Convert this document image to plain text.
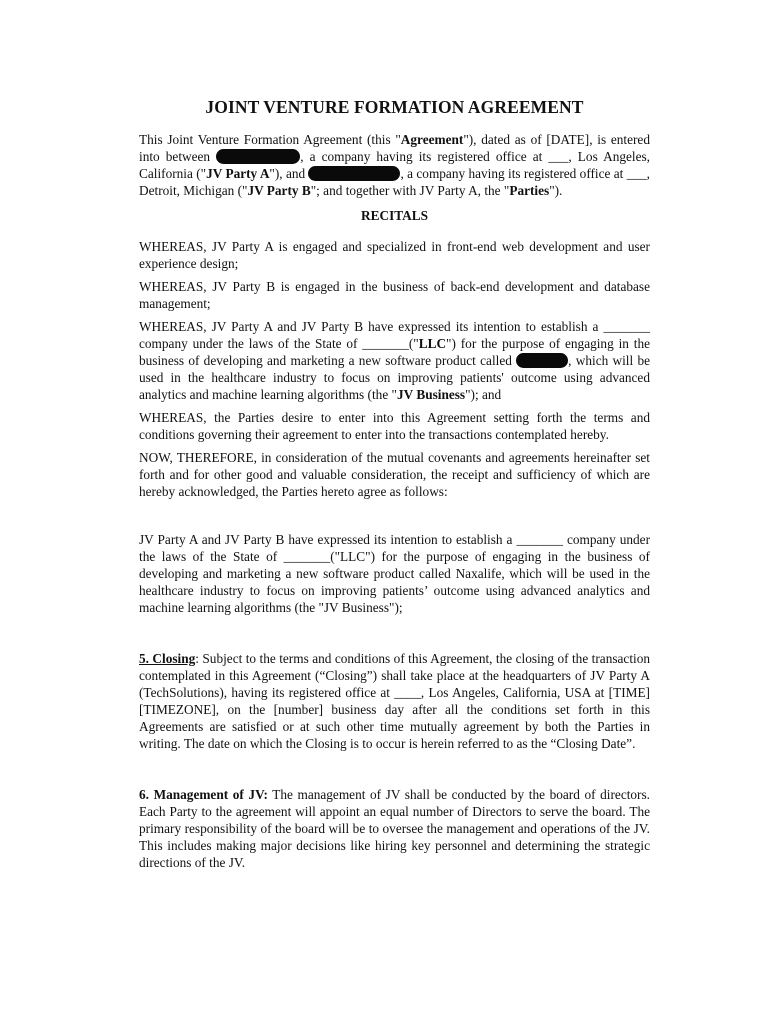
JOINT VENTURE FORMATION AGREEMENT

This Joint Venture Formation Agreement (this "Agreement"), dated as of [DATE], is entered into between	, a company having its registered office at ___, Los Angeles, California ("JV Party A"), and	, a company having its registered office at ___, Detroit, Michigan ("JV Party B"; and together with JV Party A, the "Parties").

RECITALS

WHEREAS, JV Party A is engaged and specialized in front-end web development and user experience design;

WHEREAS, JV Party B is engaged in the business of back-end development and database management;

WHEREAS, JV Party A and JV Party B have expressed its intention to establish a _______ company under the laws of the State of _______("LLC") for the purpose of engaging in the business of developing and marketing a new software product called	, which will be used in the healthcare industry to focus on improving patients' outcome using advanced analytics and machine learning algorithms (the "JV Business"); and

WHEREAS, the Parties desire to enter into this Agreement setting forth the terms and conditions governing their agreement to enter into the transactions contemplated hereby.

NOW, THEREFORE, in consideration of the mutual covenants and agreements hereinafter set forth and for other good and valuable consideration, the receipt and sufficiency of which are hereby acknowledged, the Parties hereto agree as follows:

JV Party A and JV Party B have expressed its intention to establish a _______ company under the laws of the State of _______("LLC") for the purpose of engaging in the business of developing and marketing a new software product called Naxalife, which will be used in the healthcare industry to focus on improving patients’ outcome using advanced analytics and machine learning algorithms (the "JV Business");

5. Closing: Subject to the terms and conditions of this Agreement, the closing of the transaction contemplated in this Agreement (“Closing”) shall take place at the headquarters of JV Party A (TechSolutions), having its registered office at ____, Los Angeles, California, USA at [TIME] [TIMEZONE], on the [number] business day after all the conditions set forth in this Agreements are satisfied or at such other time mutually agreement by both the Parties in writing. The date on which the Closing is to occur is herein referred to as the “Closing Date”.

6. Management of JV: The management of JV shall be conducted by the board of directors. Each Party to the agreement will appoint an equal number of Directors to serve the board. The primary responsibility of the board will be to oversee the management and operations of the JV. This includes making major decisions like hiring key personnel and determining the strategic directions of the JV.
